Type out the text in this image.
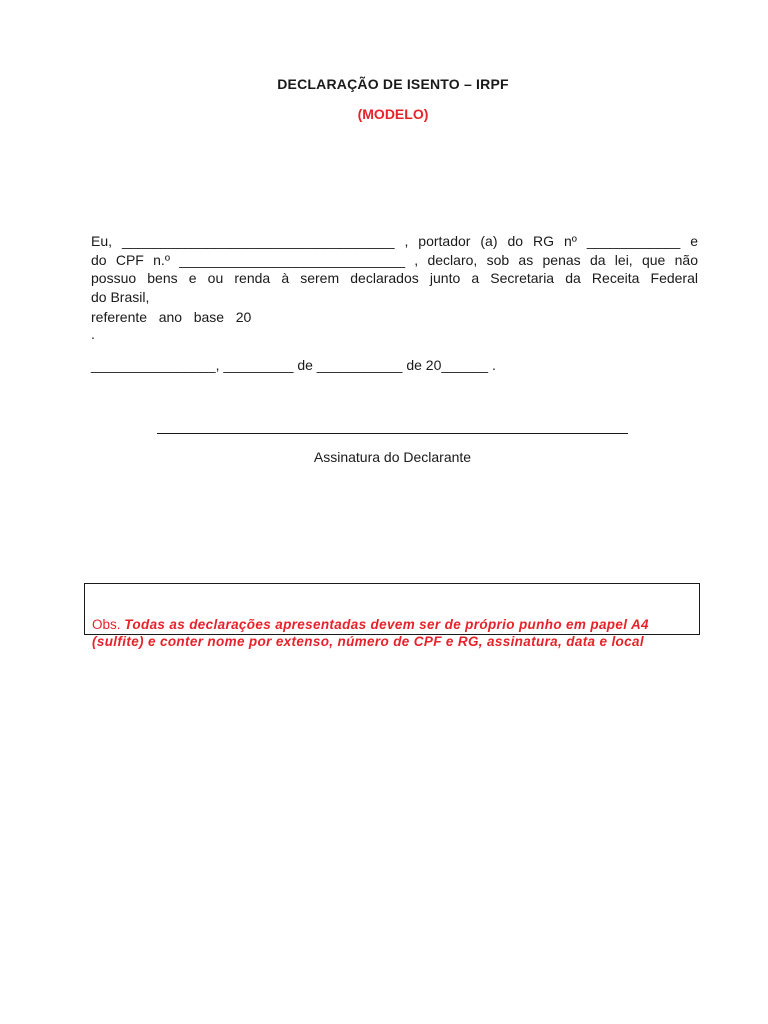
DECLARAÇÃO DE ISENTO – IRPF
(MODELO)
Eu, ___________________________________ , portador (a) do RG nº ____________ e
do CPF n.º _____________________________ , declaro, sob as penas da lei, que não
possuo bens e ou renda à serem declarados junto a Secretaria da Receita Federal
do Brasil,
referente   ano   base   20
.
________________, _________ de ___________ de 20______ .
Assinatura do Declarante
Obs. Todas as declarações apresentadas devem ser de próprio punho em papel A4 (sulfite) e conter nome por extenso, número de CPF e RG, assinatura, data e local
